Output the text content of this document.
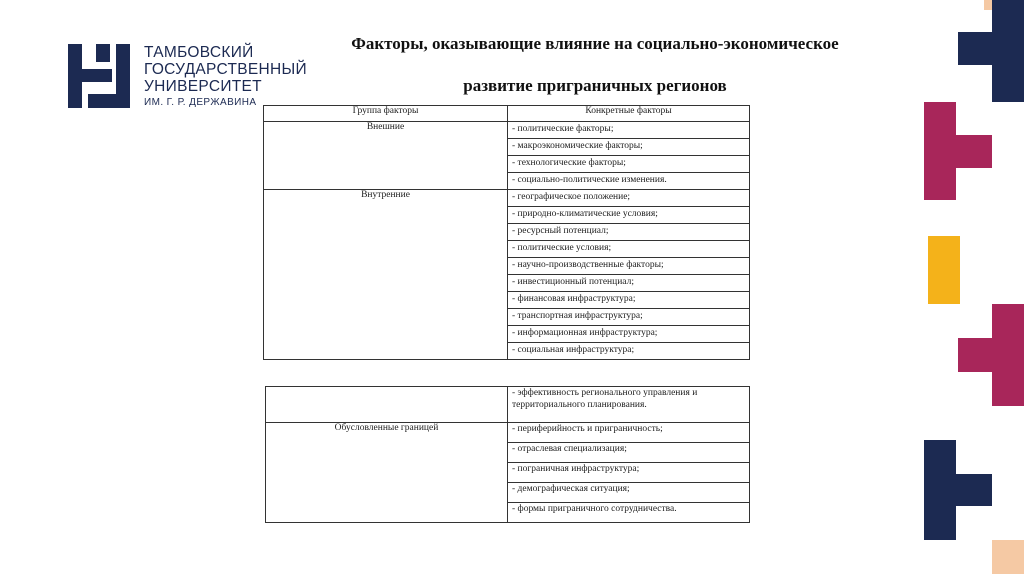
ТАМБОВСКИЙ
ГОСУДАРСТВЕННЫЙ
УНИВЕРСИТЕТ
ИМ. Г. Р. ДЕРЖАВИНА
Факторы, оказывающие влияние на социально-экономическое
развитие приграничных регионов
Группа факторы	Конкретные факторы
Внешние	- политические факторы;
	- макроэкономические факторы;
	- технологические факторы;
	- социально-политические изменения.
Внутренние	- географическое положение;
	- природно-климатические условия;
	- ресурсный потенциал;
	- политические условия;
	- научно-производственные факторы;
	- инвестиционный потенциал;
	- финансовая инфраструктура;
	- транспортная инфраструктура;
	- информационная инфраструктура;
	- социальная инфраструктура;
	- эффективность регионального управления и территориального планирования.
Обусловленные границей	- периферийность и приграничность;
	- отраслевая специализация;
	- пограничная инфраструктура;
	- демографическая ситуация;
	- формы приграничного сотрудничества.
